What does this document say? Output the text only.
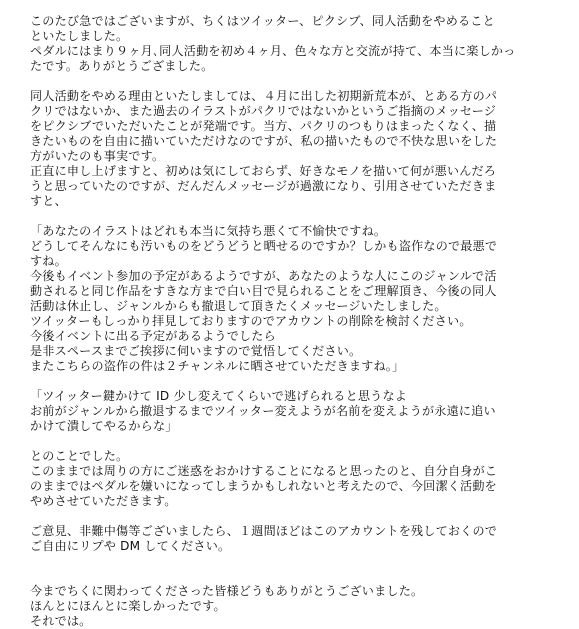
このたび急ではございますが、ちくはツイッター、ピクシブ、同人活動をやめること
といたしました。
ペダルにはまり９ヶ月､同人活動を初め４ヶ月、色々な方と交流が持て、本当に楽しかっ
たです。ありがとうござました。

同人活動をやめる理由といたしましては、４月に出した初期新荒本が、とある方のパ
クリではないか、また過去のイラストがパクリではないかというご指摘のメッセージ
をピクシブでいただいたことが発端です。当方、パクリのつもりはまったくなく、描
きたいものを自由に描いていただけなのですが、私の描いたもので不快な思いをした
方がいたのも事実です。
正直に申し上げますと、初めは気にしておらず、好きなモノを描いて何が悪いんだろ
うと思っていたのですが、だんだんメッセージが過激になり、引用させていただきま
すと、

「あなたのイラストはどれも本当に気持ち悪くて不愉快ですね。
どうしてそんなにも汚いものをどうどうと晒せるのですか？しかも盗作なので最悪で
すね。
今後もイベント参加の予定があるようですが、あなたのような人にこのジャンルで活
動されると同じ作品をすきな方まで白い目で見られることをご理解頂き、今後の同人
活動は休止し、ジャンルからも撤退して頂きたくメッセージいたしました。
ツイッターもしっかり拝見しておりますのでアカウントの削除を検討ください。
今後イベントに出る予定があるようでしたら
是非スペースまでご挨拶に伺いますので覚悟してください。
またこちらの盗作の件は２チャンネルに晒させていただきますね。」

「ツイッター鍵かけて ID 少し変えてくらいで逃げられると思うなよ
お前がジャンルから撤退するまでツイッター変えようが名前を変えようが永遠に追い
かけて潰してやるからな」

とのことでした。
このままでは周りの方にご迷惑をおかけすることになると思ったのと、自分自身がこ
のままではペダルを嫌いになってしまうかもしれないと考えたので、今回潔く活動を
やめさせていただきます。

ご意見、非難中傷等ございましたら、１週間ほどはこのアカウントを残しておくので
ご自由にリプや DM してください。

今までちくに関わってくださった皆様どうもありがとうございました。
ほんとにほんとに楽しかったです。
それでは。
